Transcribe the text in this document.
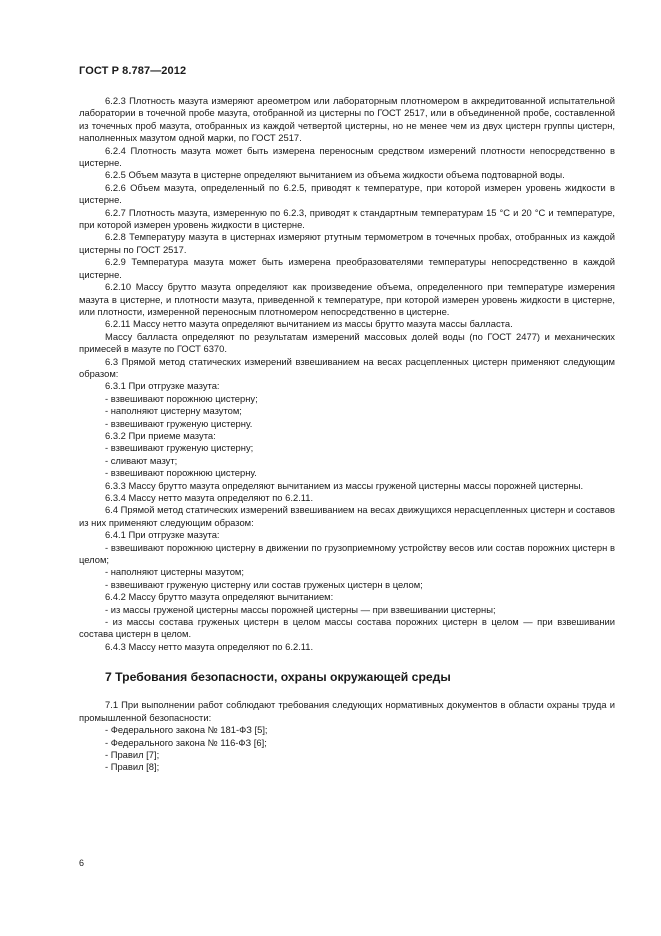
ГОСТ Р 8.787—2012

6.2.3 Плотность мазута измеряют ареометром или лабораторным плотномером в аккредитованной испытательной лаборатории в точечной пробе мазута, отобранной из цистерны по ГОСТ 2517, или в объединенной пробе, составленной из точечных проб мазута, отобранных из каждой четвертой цистерны, но не менее чем из двух цистерн группы цистерн, наполненных мазутом одной марки, по ГОСТ 2517.

6.2.4 Плотность мазута может быть измерена переносным средством измерений плотности непосредственно в цистерне.

6.2.5 Объем мазута в цистерне определяют вычитанием из объема жидкости объема подтоварной воды.

6.2.6 Объем мазута, определенный по 6.2.5, приводят к температуре, при которой измерен уровень жидкости в цистерне.

6.2.7 Плотность мазута, измеренную по 6.2.3, приводят к стандартным температурам 15 °С и 20 °С и температуре, при которой измерен уровень жидкости в цистерне.

6.2.8 Температуру мазута в цистернах измеряют ртутным термометром в точечных пробах, отобранных из каждой цистерны по ГОСТ 2517.

6.2.9 Температура мазута может быть измерена преобразователями температуры непосредственно в каждой цистерне.

6.2.10 Массу брутто мазута определяют как произведение объема, определенного при температуре измерения мазута в цистерне, и плотности мазута, приведенной к температуре, при которой измерен уровень жидкости в цистерне, или плотности, измеренной переносным плотномером непосредственно в цистерне.

6.2.11 Массу нетто мазута определяют вычитанием из массы брутто мазута массы балласта.

Массу балласта определяют по результатам измерений массовых долей воды (по ГОСТ 2477) и механических примесей в мазуте по ГОСТ 6370.

6.3 Прямой метод статических измерений взвешиванием на весах расцепленных цистерн применяют следующим образом:

6.3.1 При отгрузке мазута:

- взвешивают порожнюю цистерну;

- наполняют цистерну мазутом;

- взвешивают груженую цистерну.

6.3.2 При приеме мазута:

- взвешивают груженую цистерну;

- сливают мазут;

- взвешивают порожнюю цистерну.

6.3.3 Массу брутто мазута определяют вычитанием из массы груженой цистерны массы порожней цистерны.

6.3.4 Массу нетто мазута определяют по 6.2.11.

6.4 Прямой метод статических измерений взвешиванием на весах движущихся нерасцепленных цистерн и составов из них применяют следующим образом:

6.4.1 При отгрузке мазута:

- взвешивают порожнюю цистерну в движении по грузоприемному устройству весов или состав порожних цистерн в целом;

- наполняют цистерны мазутом;

- взвешивают груженую цистерну или состав груженых цистерн в целом;

6.4.2 Массу брутто мазута определяют вычитанием:

- из массы груженой цистерны массы порожней цистерны — при взвешивании цистерны;

- из массы состава груженых цистерн в целом массы состава порожних цистерн в целом — при взвешивании состава цистерн в целом.

6.4.3 Массу нетто мазута определяют по 6.2.11.

7 Требования безопасности, охраны окружающей среды

7.1 При выполнении работ соблюдают требования следующих нормативных документов в области охраны труда и промышленной безопасности:

- Федерального закона № 181-ФЗ [5];

- Федерального закона № 116-ФЗ [6];

- Правил [7];

- Правил [8];

6
